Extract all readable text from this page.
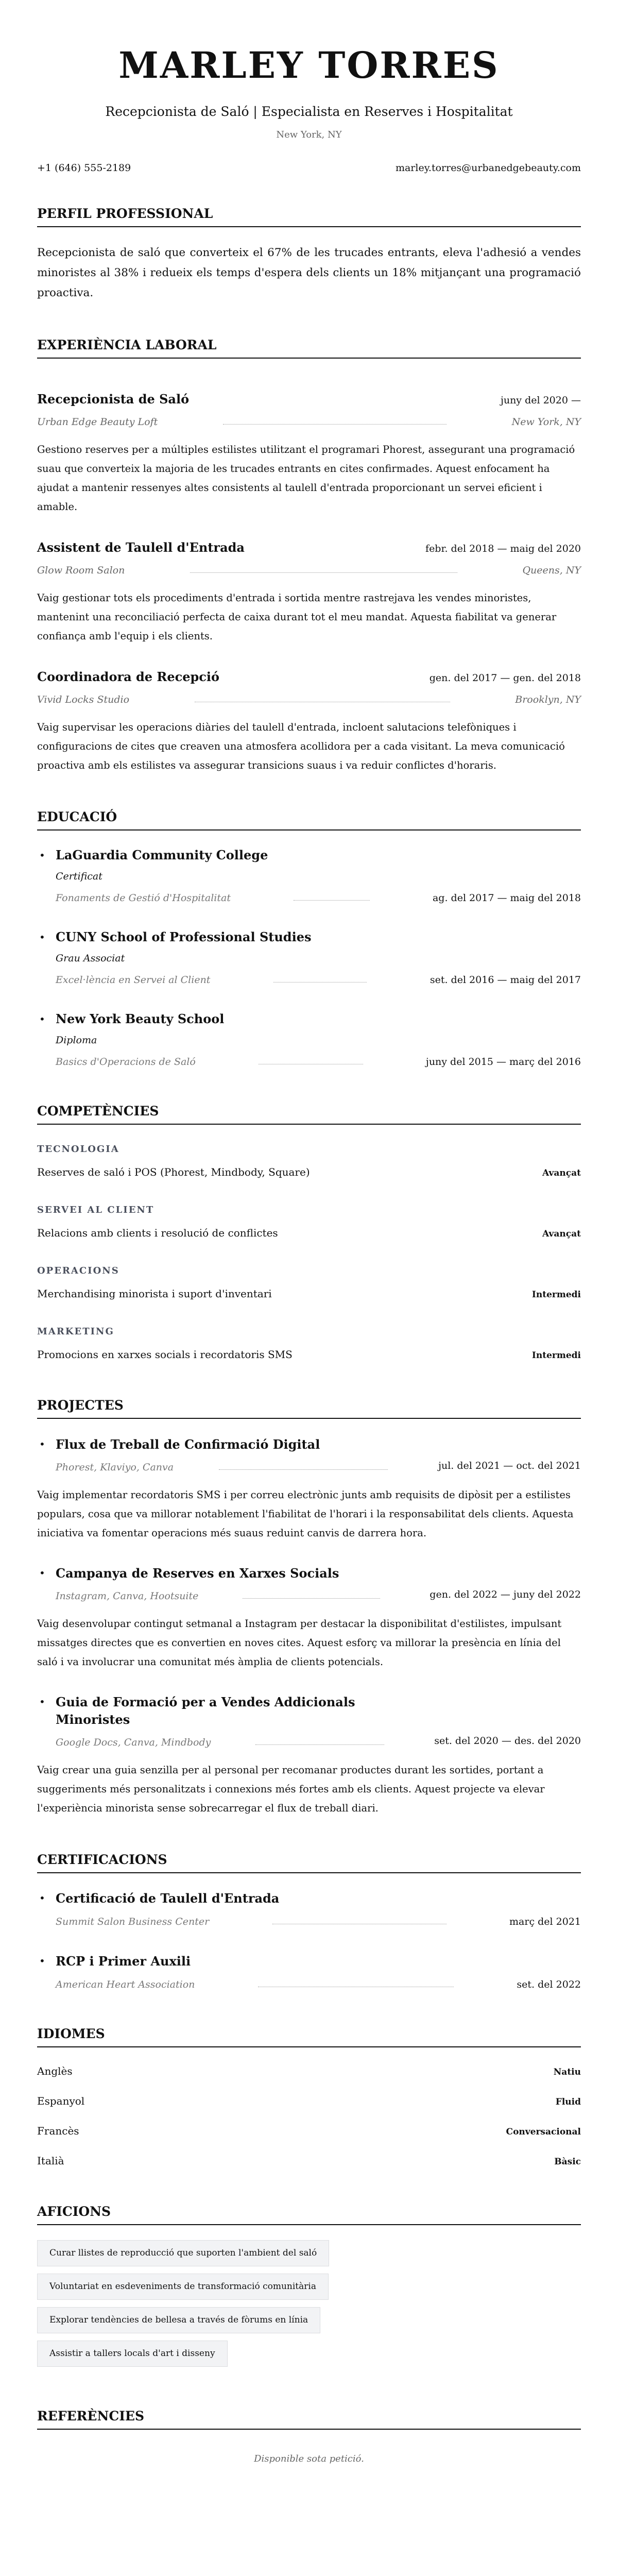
MARLEY TORRES
Recepcionista de Saló | Especialista en Reserves i Hospitalitat
New York, NY
+1 (646) 555-2189	marley.torres@urbanedgebeauty.com
PERFIL PROFESSIONAL

Recepcionista de saló que converteix el 67% de les trucades entrants, eleva l'adhesió a vendes minoristes al 38% i redueix els temps d'espera dels clients un 18% mitjançant una programació proactiva.

EXPERIÈNCIA LABORAL
Recepcionista de Saló	juny del 2020 —
Urban Edge Beauty Loft	New York, NY

Gestiono reserves per a múltiples estilistes utilitzant el programari Phorest, assegurant una programació suau que converteix la majoria de les trucades entrants en cites confirmades. Aquest enfocament ha ajudat a mantenir ressenyes altes consistents al taulell d'entrada proporcionant un servei eficient i amable.

Assistent de Taulell d'Entrada	febr. del 2018 — maig del 2020
Glow Room Salon	Queens, NY

Vaig gestionar tots els procediments d'entrada i sortida mentre rastrejava les vendes minoristes, mantenint una reconciliació perfecta de caixa durant tot el meu mandat. Aquesta fiabilitat va generar confiança amb l'equip i els clients.

Coordinadora de Recepció	gen. del 2017 — gen. del 2018
Vivid Locks Studio	Brooklyn, NY

Vaig supervisar les operacions diàries del taulell d'entrada, incloent salutacions telefòniques i configuracions de cites que creaven una atmosfera acollidora per a cada visitant. La meva comunicació proactiva amb els estilistes va assegurar transicions suaus i va reduir conflictes d'horaris.

EDUCACIÓ
• LaGuardia Community College
Certificat
Fonaments de Gestió d'Hospitalitat	ag. del 2017 — maig del 2018
• CUNY School of Professional Studies
Grau Associat
Excel·lència en Servei al Client	set. del 2016 — maig del 2017
• New York Beauty School
Diploma
Basics d'Operacions de Saló	juny del 2015 — març del 2016
COMPETÈNCIES
TECNOLOGIA
Reserves de saló i POS (Phorest, Mindbody, Square)	Avançat
SERVEI AL CLIENT
Relacions amb clients i resolució de conflictes	Avançat
OPERACIONS
Merchandising minorista i suport d'inventari	Intermedi
MARKETING
Promocions en xarxes socials i recordatoris SMS	Intermedi
PROJECTES
• Flux de Treball de Confirmació Digital
Phorest, Klaviyo, Canva	jul. del 2021 — oct. del 2021

Vaig implementar recordatoris SMS i per correu electrònic junts amb requisits de dipòsit per a estilistes populars, cosa que va millorar notablement l'fiabilitat de l'horari i la responsabilitat dels clients. Aquesta iniciativa va fomentar operacions més suaus reduint canvis de darrera hora.

• Campanya de Reserves en Xarxes Socials
Instagram, Canva, Hootsuite	gen. del 2022 — juny del 2022

Vaig desenvolupar contingut setmanal a Instagram per destacar la disponibilitat d'estilistes, impulsant missatges directes que es convertien en noves cites. Aquest esforç va millorar la presència en línia del saló i va involucrar una comunitat més àmplia de clients potencials.

• Guia de Formació per a Vendes Addicionals Minoristes
Google Docs, Canva, Mindbody	set. del 2020 — des. del 2020

Vaig crear una guia senzilla per al personal per recomanar productes durant les sortides, portant a suggeriments més personalitzats i connexions més fortes amb els clients. Aquest projecte va elevar l'experiència minorista sense sobrecarregar el flux de treball diari.

CERTIFICACIONS
• Certificació de Taulell d'Entrada
Summit Salon Business Center	març del 2021
• RCP i Primer Auxili
American Heart Association	set. del 2022
IDIOMES
Anglès	Natiu
Espanyol	Fluid
Francès	Conversacional
Italià	Bàsic
AFICIONS
Curar llistes de reproducció que suporten l'ambient del saló
Voluntariat en esdeveniments de transformació comunitària
Explorar tendències de bellesa a través de fòrums en línia
Assistir a tallers locals d'art i disseny
REFERÈNCIES

Disponible sota petició.
